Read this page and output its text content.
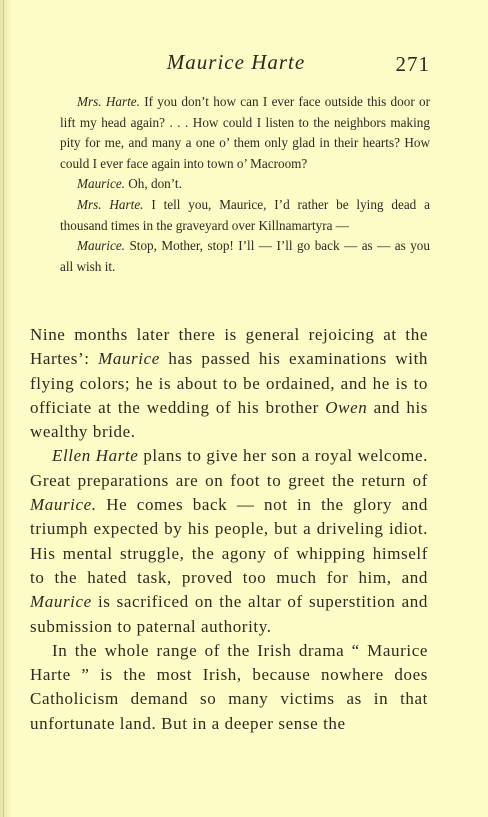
Maurice Harte	271

Mrs. Harte. If you don’t how can I ever face outside this door or lift my head again? . . . How could I listen to the neighbors making pity for me, and many a one o’ them only glad in their hearts? How could I ever face again into town o’ Macroom?

Maurice. Oh, don’t.

Mrs. Harte. I tell you, Maurice, I’d rather be lying dead a thousand times in the graveyard over Killnamartyra —

Maurice. Stop, Mother, stop! I’ll — I’ll go back — as — as you all wish it.

Nine months later there is general rejoicing at the Hartes’: Maurice has passed his examinations with flying colors; he is about to be ordained, and he is to officiate at the wedding of his brother Owen and his wealthy bride.

Ellen Harte plans to give her son a royal welcome. Great preparations are on foot to greet the return of Maurice. He comes back — not in the glory and triumph expected by his people, but a driveling idiot. His mental struggle, the agony of whipping himself to the hated task, proved too much for him, and Maurice is sacrificed on the altar of superstition and submission to paternal authority.

In the whole range of the Irish drama “ Maurice Harte ” is the most Irish, because nowhere does Catholicism demand so many victims as in that unfortunate land. But in a deeper sense the
